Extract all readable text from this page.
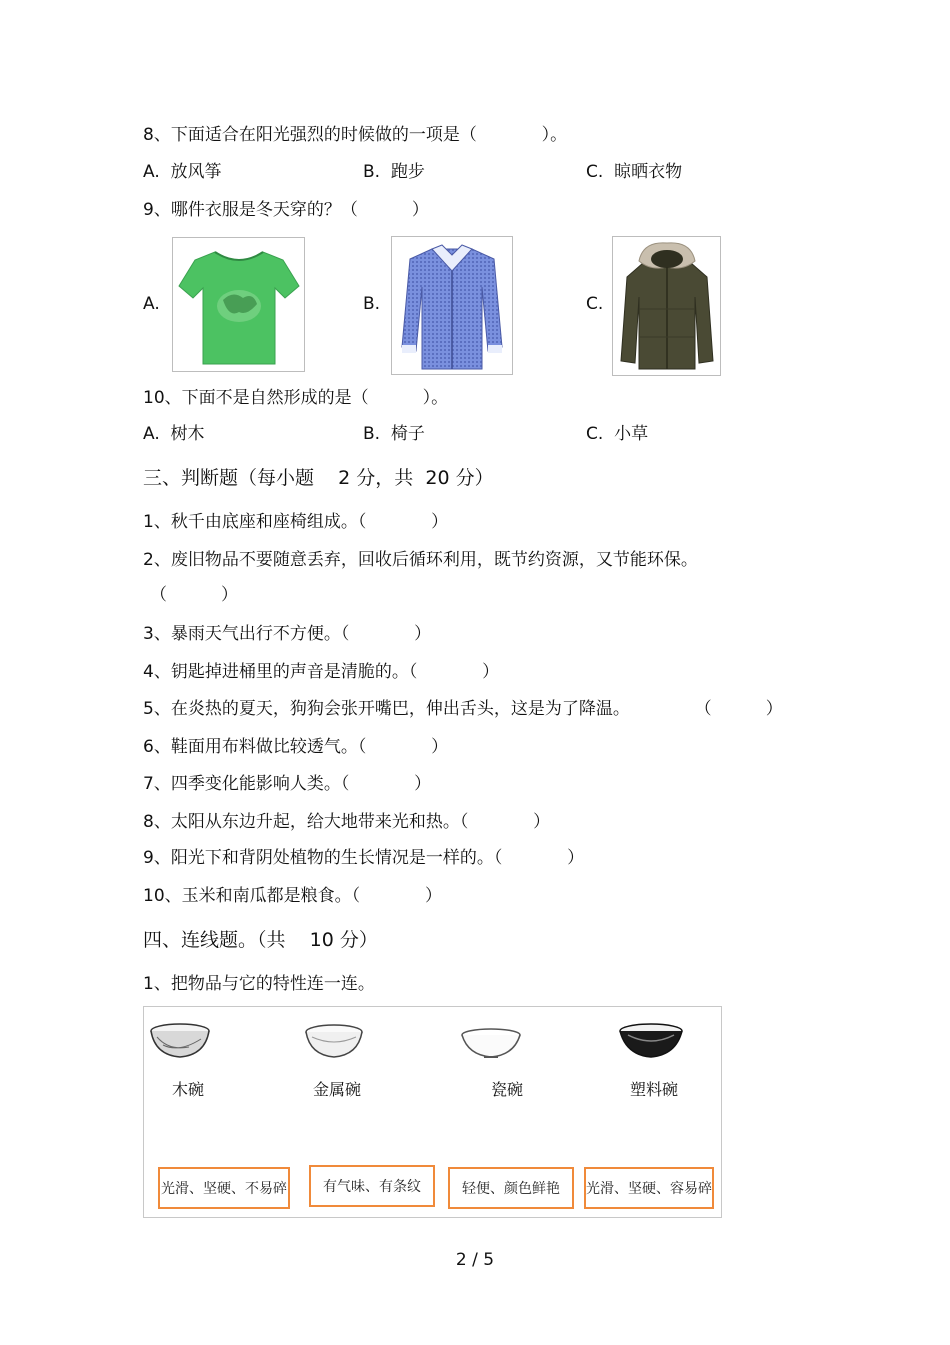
8、下面适合在阳光强烈的时候做的一项是（            ）。
A.  放风筝	B.  跑步	C.  晾晒衣物
9、哪件衣服是冬天穿的？（          ）
A.	B.	C.
10、下面不是自然形成的是（          ）。
A.  树木	B.  椅子	C.  小草
三、判断题（每小题    2 分，共  20 分）
1、秋千由底座和座椅组成。（            ）
2、废旧物品不要随意丢弃，回收后循环利用，既节约资源，又节能环保。
（          ）
3、暴雨天气出行不方便。（            ）
4、钥匙掉进桶里的声音是清脆的。（            ）
5、在炎热的夏天，狗狗会张开嘴巴，伸出舌头，这是为了降温。            （          ）
6、鞋面用布料做比较透气。（            ）
7、四季变化能影响人类。（            ）
8、太阳从东边升起，给大地带来光和热。（            ）
9、阳光下和背阴处植物的生长情况是一样的。（            ）
10、玉米和南瓜都是粮食。（            ）
四、连线题。（共    10 分）
1、把物品与它的特性连一连。
木碗	金属碗	瓷碗	塑料碗
光滑、坚硬、不易碎	有气味、有条纹	轻便、颜色鲜艳	光滑、坚硬、容易碎
2 / 5
